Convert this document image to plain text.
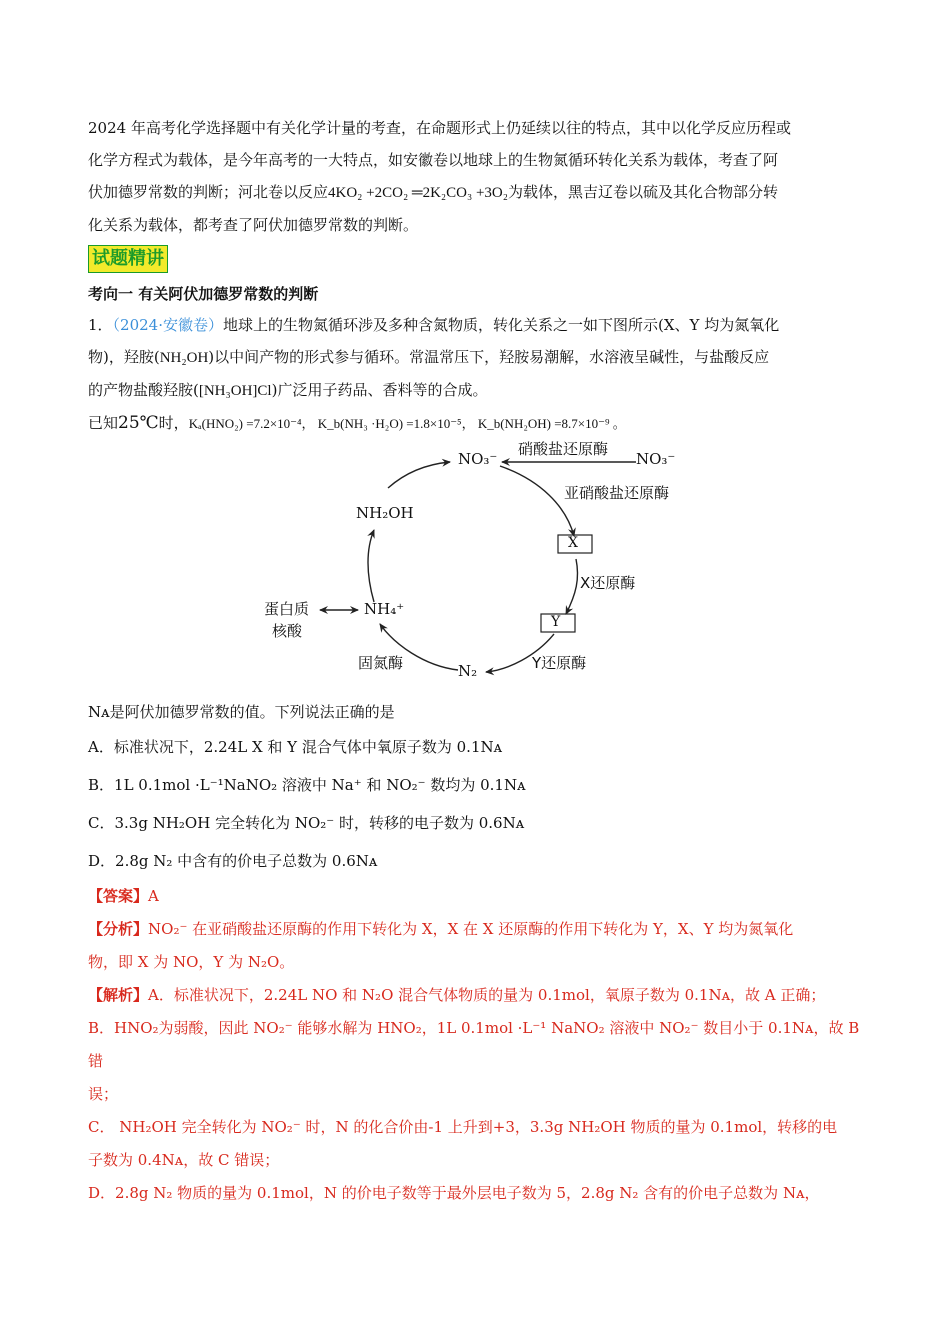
2024 年高考化学选择题中有关化学计量的考查，在命题形式上仍延续以往的特点，其中以化学反应历程或

化学方程式为载体，是今年高考的一大特点，如安徽卷以地球上的生物氮循环转化关系为载体，考查了阿

伏加德罗常数的判断；河北卷以反应4KO₂ +2CO₂ ═2K₂CO₃ +3O₂为载体，黑吉辽卷以硫及其化合物部分转

化关系为载体，都考查了阿伏加德罗常数的判断。

试题精讲

考向一 有关阿伏加德罗常数的判断

1．（2024·安徽卷）地球上的生物氮循环涉及多种含氮物质，转化关系之一如下图所示(X、Y 均为氮氧化

物)，羟胺(NH₂OH)以中间产物的形式参与循环。常温常压下，羟胺易潮解，水溶液呈碱性，与盐酸反应

的产物盐酸羟胺([NH₃OH]Cl)广泛用子药品、香料等的合成。

已知25℃时，Kₐ(HNO₂) =7.2×10⁻⁴， K_b(NH₃ ·H₂O) =1.8×10⁻⁵， K_b(NH₂OH) =8.7×10⁻⁹ 。

NO₃⁻	NO₃⁻
硝酸盐还原酶
亚硝酸盐还原酶
X
X还原酶
Y
Y还原酶
N₂
固氮酶
NH₄⁺
蛋白质
核酸
NH₂OH

Nᴀ是阿伏加德罗常数的值。下列说法正确的是

A．标准状况下，2.24L X 和 Y 混合气体中氧原子数为 0.1Nᴀ

B．1L 0.1mol ·L⁻¹NaNO₂ 溶液中 Na⁺ 和 NO₂⁻ 数均为 0.1Nᴀ

C．3.3g NH₂OH 完全转化为 NO₂⁻ 时，转移的电子数为 0.6Nᴀ

D．2.8g N₂ 中含有的价电子总数为 0.6Nᴀ

【答案】A

【分析】NO₂⁻ 在亚硝酸盐还原酶的作用下转化为 X，X 在 X 还原酶的作用下转化为 Y，X、Y 均为氮氧化

物，即 X 为 NO，Y 为 N₂O。

【解析】A．标准状况下，2.24L NO 和 N₂O 混合气体物质的量为 0.1mol，氧原子数为 0.1Nᴀ，故 A 正确；

B．HNO₂为弱酸，因此 NO₂⁻ 能够水解为 HNO₂，1L 0.1mol ·L⁻¹ NaNO₂ 溶液中 NO₂⁻ 数目小于 0.1Nᴀ，故 B 错

误；

C． NH₂OH 完全转化为 NO₂⁻ 时，N 的化合价由-1 上升到+3，3.3g NH₂OH 物质的量为 0.1mol，转移的电

子数为 0.4Nᴀ，故 C 错误；

D．2.8g N₂ 物质的量为 0.1mol，N 的价电子数等于最外层电子数为 5，2.8g N₂ 含有的价电子总数为 Nᴀ，
